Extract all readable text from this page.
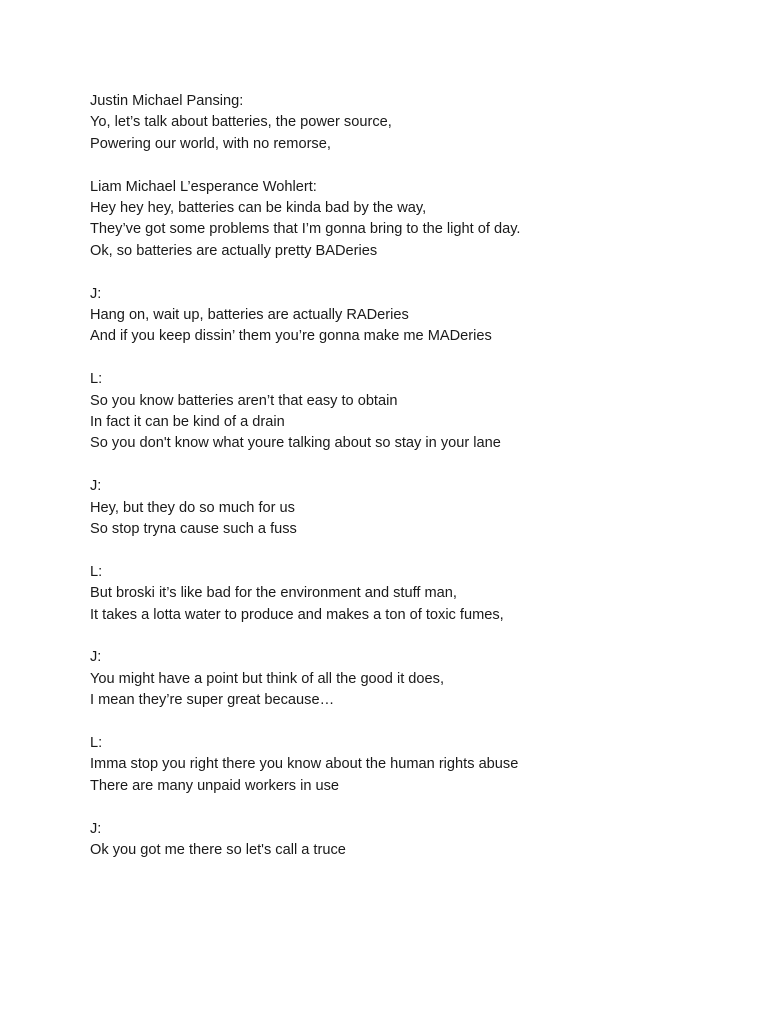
Justin Michael Pansing:
Yo, let’s talk about batteries, the power source,
Powering our world, with no remorse,
Liam Michael L’esperance Wohlert:
Hey hey hey, batteries can be kinda bad by the way,
They’ve got some problems that I’m gonna bring to the light of day.
Ok, so batteries are actually pretty BADeries
J:
Hang on, wait up, batteries are actually RADeries
And if you keep dissin’ them you’re gonna make me MADeries
L:
So you know batteries aren’t that easy to obtain
In fact it can be kind of a drain
So you don't know what youre talking about so stay in your lane
J:
Hey, but they do so much for us
So stop tryna cause such a fuss
L:
But broski it’s like bad for the environment and stuff man,
It takes a lotta water to produce and makes a ton of toxic fumes,
J:
You might have a point but think of all the good it does,
I mean they’re super great because…
L:
Imma stop you right there you know about the human rights abuse
There are many unpaid workers in use
J:
Ok you got me there so let's call a truce
